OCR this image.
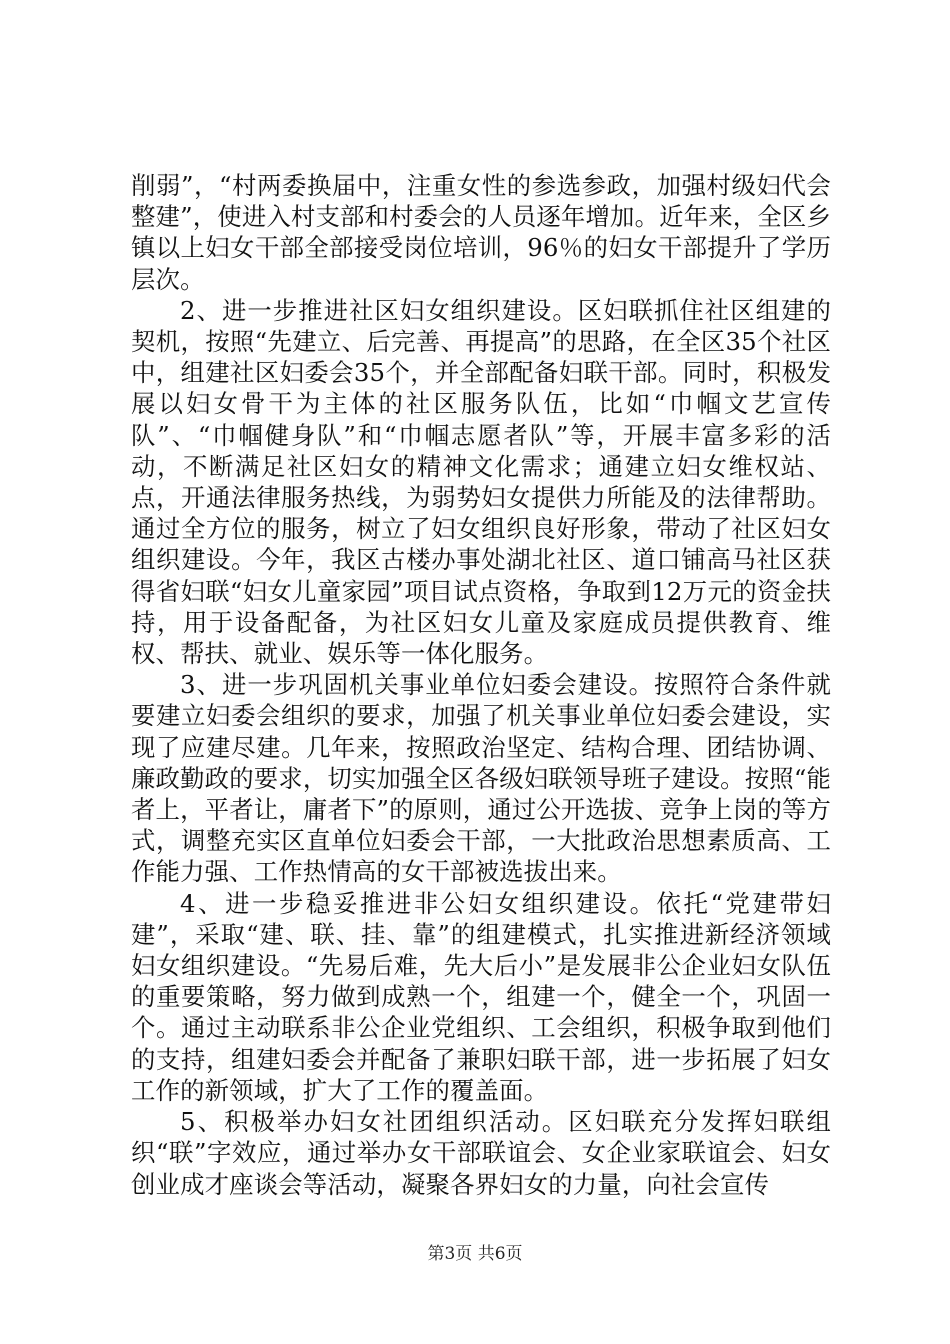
削弱”，“村两委换届中，注重女性的参选参政，加强村级妇代会整建”，使进入村支部和村委会的人员逐年增加。近年来，全区乡镇以上妇女干部全部接受岗位培训，96％的妇女干部提升了学历层次。

2、进一步推进社区妇女组织建设。区妇联抓住社区组建的契机，按照“先建立、后完善、再提高”的思路，在全区35个社区中，组建社区妇委会35个，并全部配备妇联干部。同时，积极发展以妇女骨干为主体的社区服务队伍，比如“巾帼文艺宣传队”、“巾帼健身队”和“巾帼志愿者队”等，开展丰富多彩的活动，不断满足社区妇女的精神文化需求；通建立妇女维权站、点，开通法律服务热线，为弱势妇女提供力所能及的法律帮助。通过全方位的服务，树立了妇女组织良好形象，带动了社区妇女组织建设。今年，我区古楼办事处湖北社区、道口铺高马社区获得省妇联“妇女儿童家园”项目试点资格，争取到12万元的资金扶持，用于设备配备，为社区妇女儿童及家庭成员提供教育、维权、帮扶、就业、娱乐等一体化服务。

3、进一步巩固机关事业单位妇委会建设。按照符合条件就要建立妇委会组织的要求，加强了机关事业单位妇委会建设，实现了应建尽建。几年来，按照政治坚定、结构合理、团结协调、廉政勤政的要求，切实加强全区各级妇联领导班子建设。按照“能者上，平者让，庸者下”的原则，通过公开选拔、竞争上岗的等方式，调整充实区直单位妇委会干部，一大批政治思想素质高、工作能力强、工作热情高的女干部被选拔出来。

4、进一步稳妥推进非公妇女组织建设。依托“党建带妇建”，采取“建、联、挂、靠”的组建模式，扎实推进新经济领域妇女组织建设。“先易后难，先大后小”是发展非公企业妇女队伍的重要策略，努力做到成熟一个，组建一个，健全一个，巩固一个。通过主动联系非公企业党组织、工会组织，积极争取到他们的支持，组建妇委会并配备了兼职妇联干部，进一步拓展了妇女工作的新领域，扩大了工作的覆盖面。

5、积极举办妇女社团组织活动。区妇联充分发挥妇联组织“联”字效应，通过举办女干部联谊会、女企业家联谊会、妇女创业成才座谈会等活动，凝聚各界妇女的力量，向社会宣传

第3页 共6页
